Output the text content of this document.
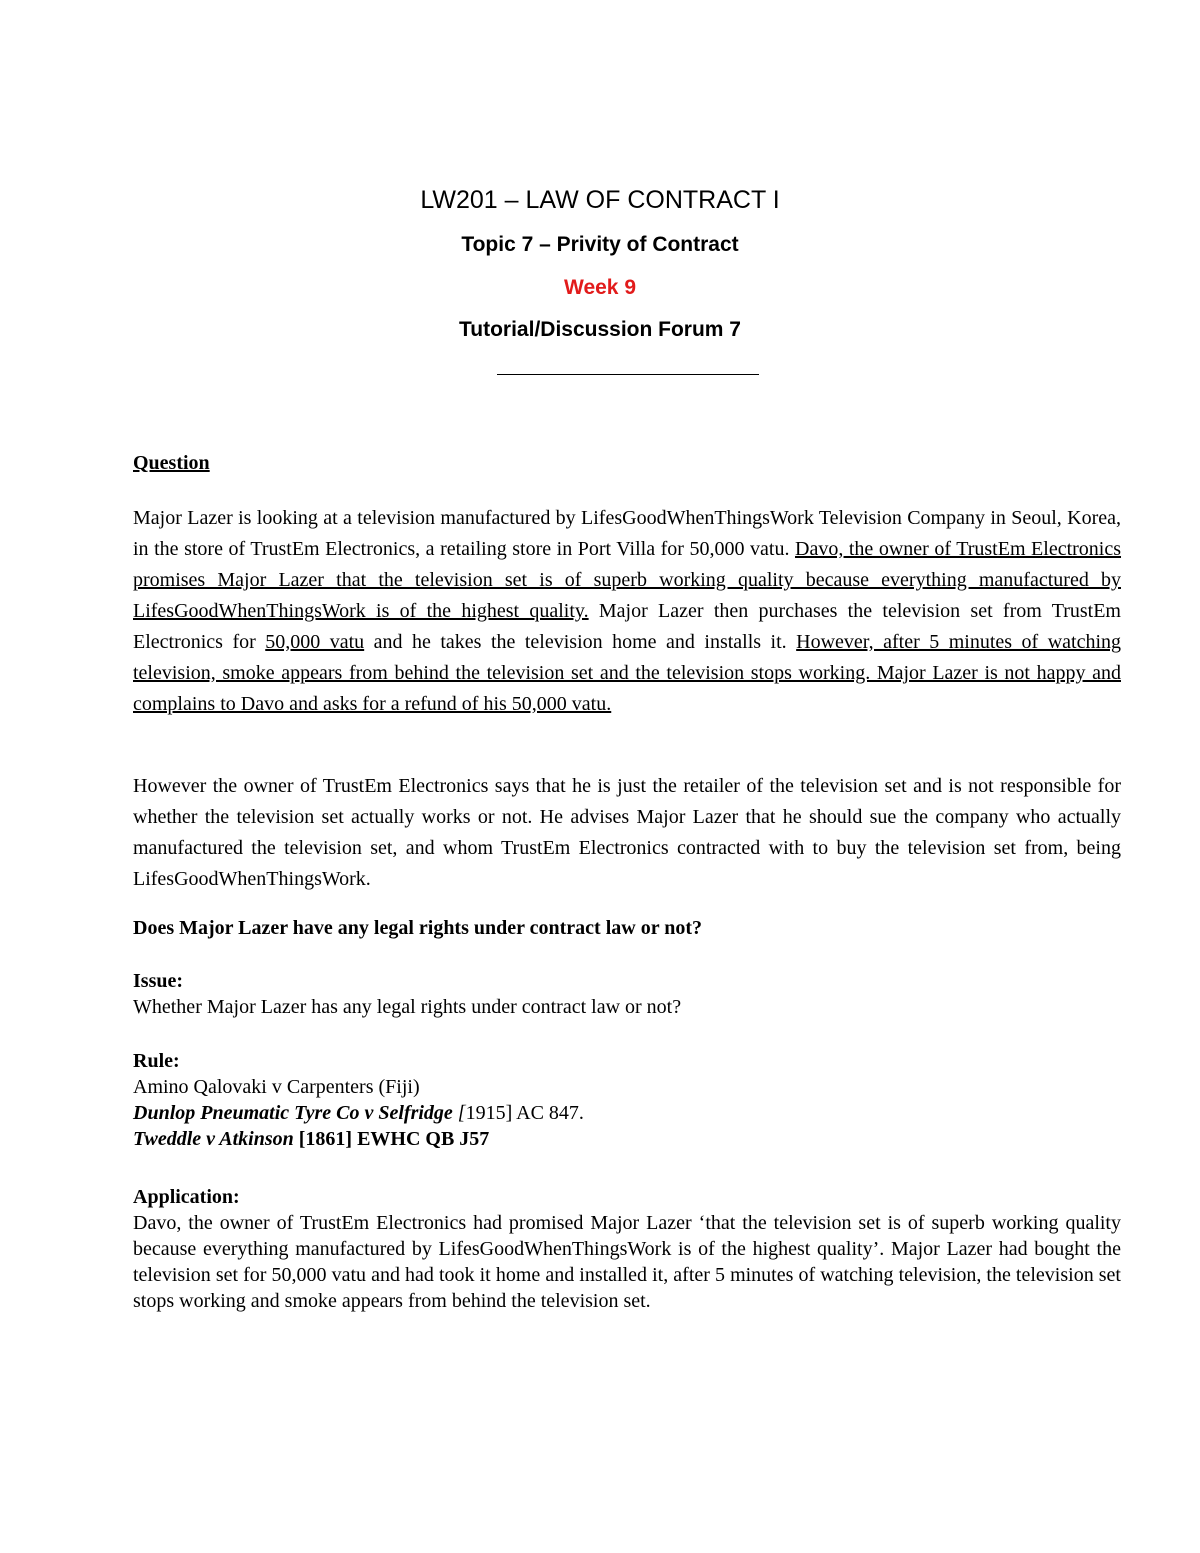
LW201 – LAW OF CONTRACT I
Topic 7 – Privity of Contract
Week 9
Tutorial/Discussion Forum 7
Question
Major Lazer is looking at a television manufactured by LifesGoodWhenThingsWork Television Company in Seoul, Korea, in the store of TrustEm Electronics, a retailing store in Port Villa for 50,000 vatu. Davo, the owner of TrustEm Electronics promises Major Lazer that the television set is of superb working quality because everything manufactured by LifesGoodWhenThingsWork is of the highest quality. Major Lazer then purchases the television set from TrustEm Electronics for 50,000 vatu and he takes the television home and installs it. However, after 5 minutes of watching television, smoke appears from behind the television set and the television stops working. Major Lazer is not happy and complains to Davo and asks for a refund of his 50,000 vatu.
However the owner of TrustEm Electronics says that he is just the retailer of the television set and is not responsible for whether the television set actually works or not. He advises Major Lazer that he should sue the company who actually manufactured the television set, and whom TrustEm Electronics contracted with to buy the television set from, being LifesGoodWhenThingsWork.
Does Major Lazer have any legal rights under contract law or not?
Issue:
Whether Major Lazer has any legal rights under contract law or not?
Rule:
Amino Qalovaki v Carpenters (Fiji)
Dunlop Pneumatic Tyre Co v Selfridge [1915] AC 847.
Tweddle v Atkinson [1861] EWHC QB J57
Application:
Davo, the owner of TrustEm Electronics had promised Major Lazer ‘that the television set is of superb working quality because everything manufactured by LifesGoodWhenThingsWork is of the highest quality’. Major Lazer had bought the television set for 50,000 vatu and had took it home and installed it, after 5 minutes of watching television, the television set stops working and smoke appears from behind the television set.
